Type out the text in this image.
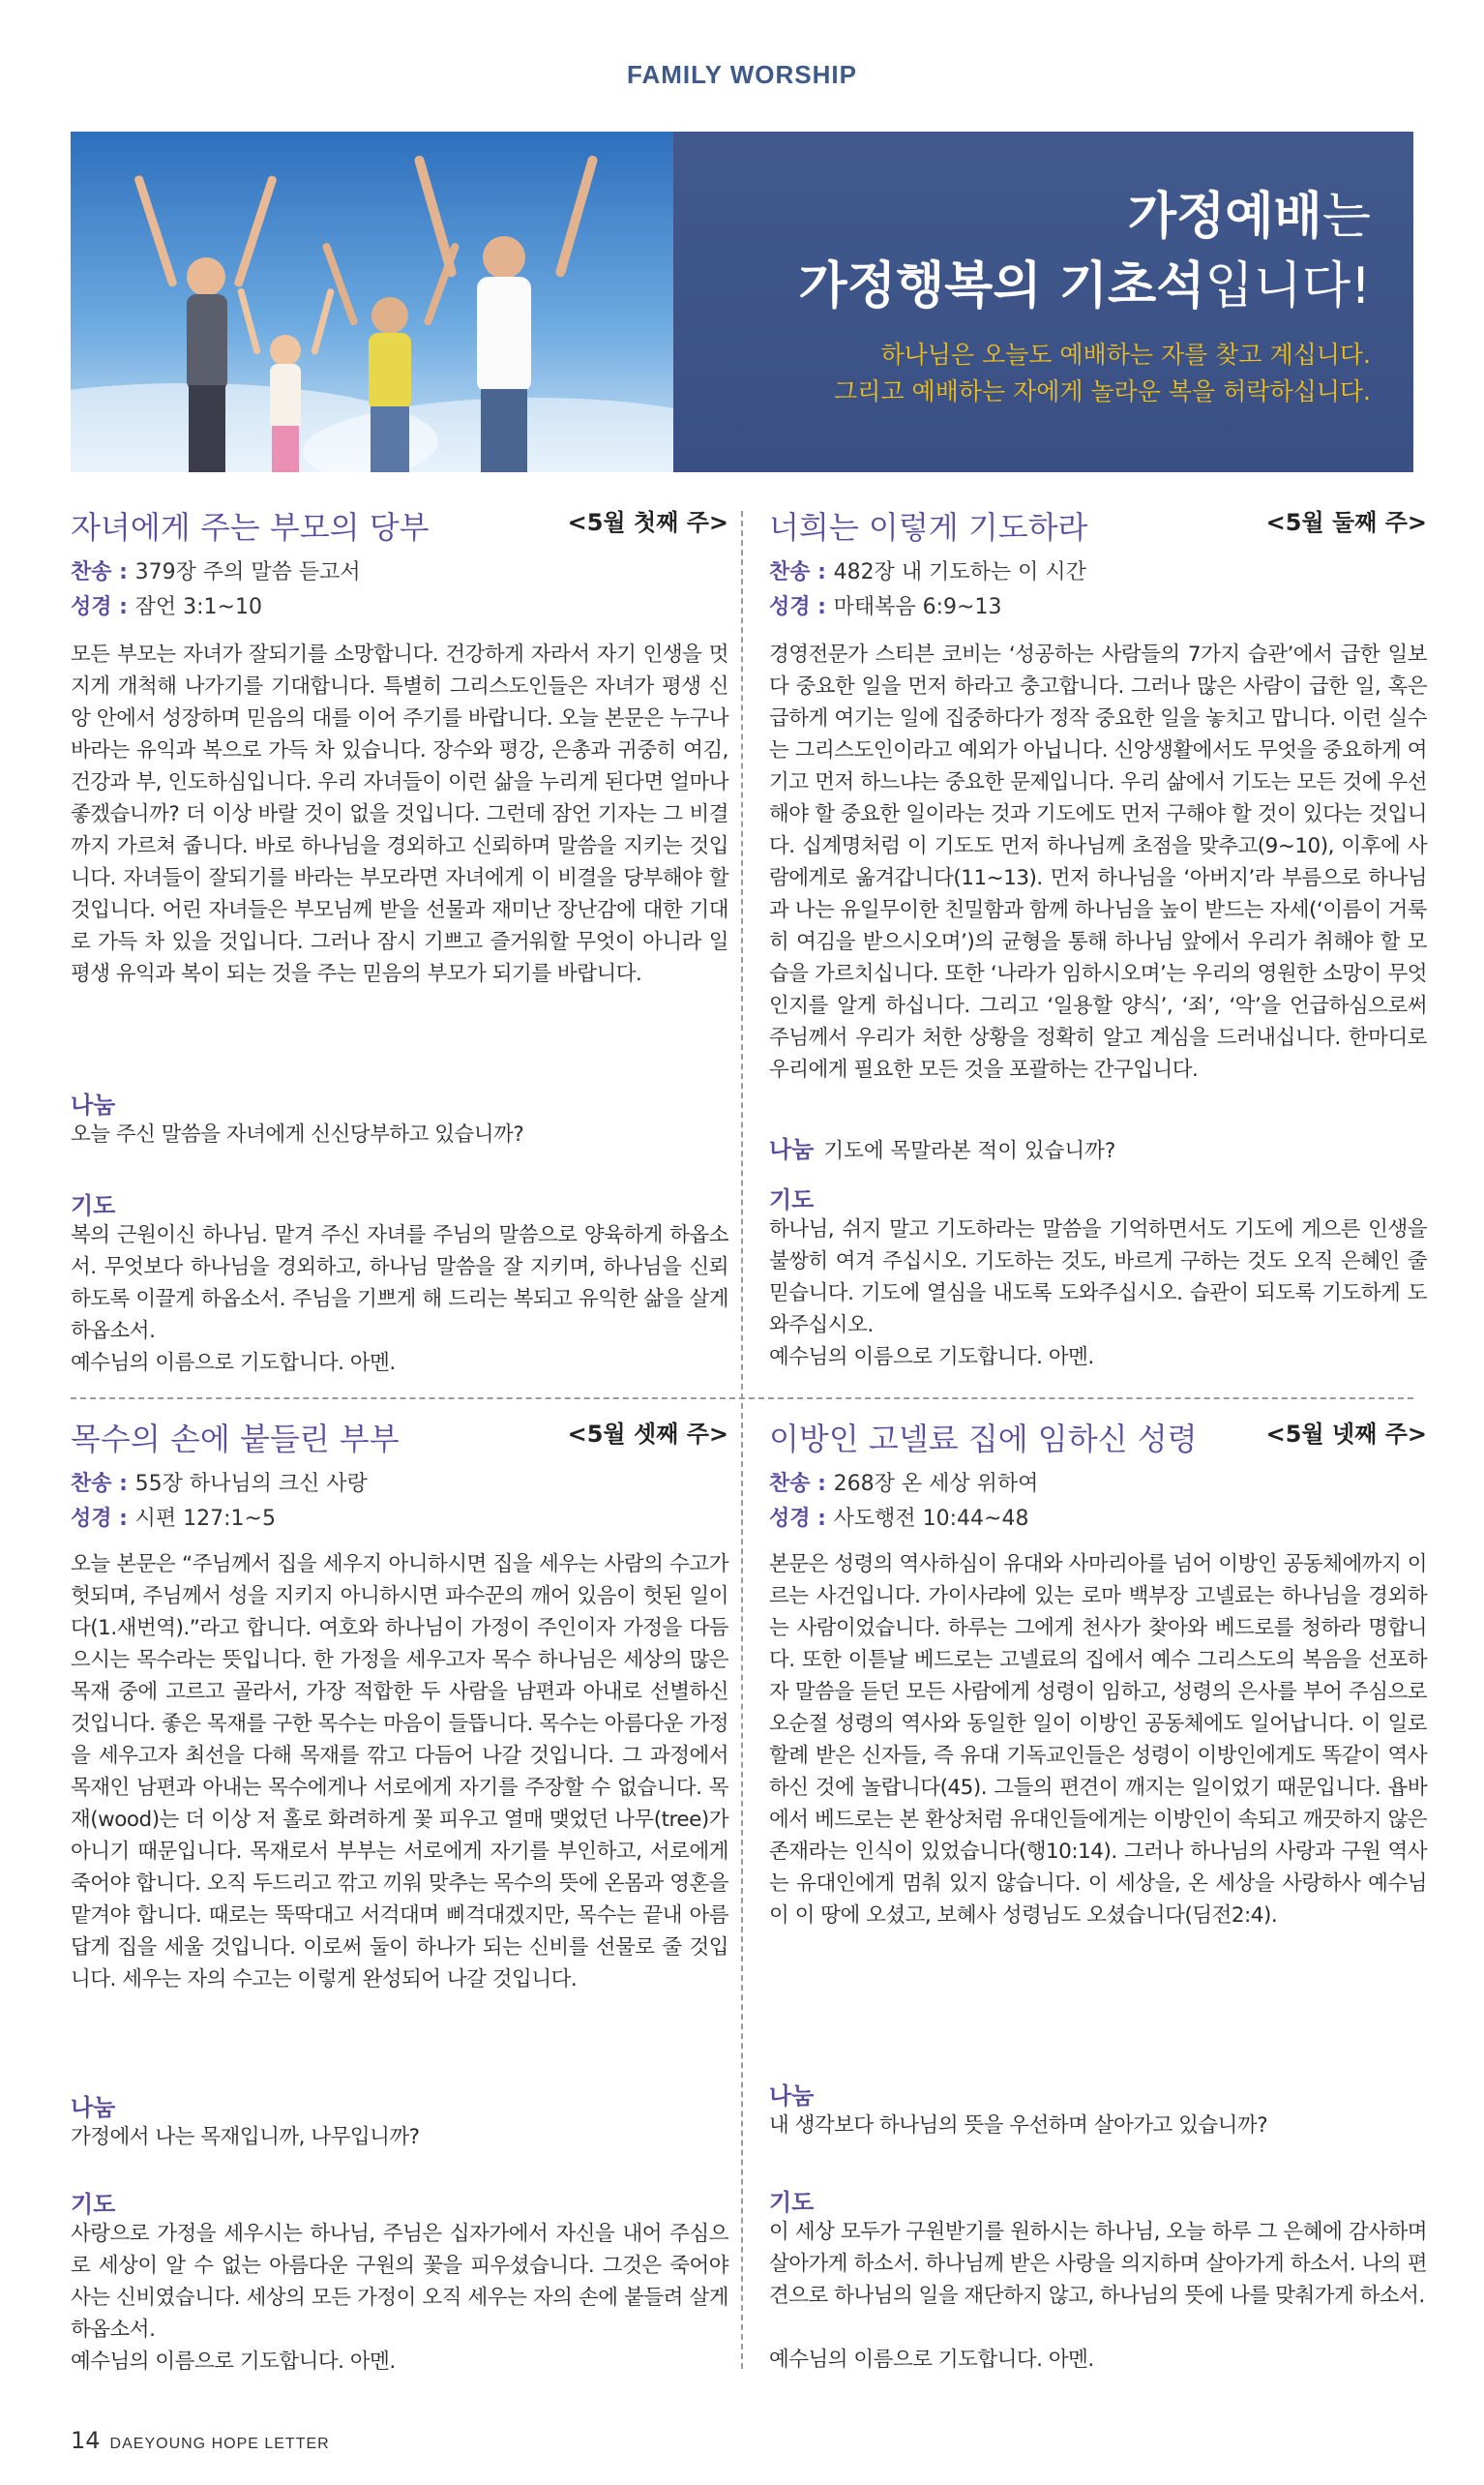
FAMILY WORSHIP
가정예배는
가정행복의 기초석입니다!
하나님은 오늘도 예배하는 자를 찾고 계십니다.
그리고 예배하는 자에게 놀라운 복을 허락하십니다.
자녀에게 주는 부모의 당부	<5월 첫째 주>
찬송 : 379장 주의 말씀 듣고서
성경 : 잠언 3:1~10
모든 부모는 자녀가 잘되기를 소망합니다. 건강하게 자라서 자기 인생을 멋지게 개척해 나가기를 기대합니다. 특별히 그리스도인들은 자녀가 평생 신앙 안에서 성장하며 믿음의 대를 이어 주기를 바랍니다. 오늘 본문은 누구나 바라는 유익과 복으로 가득 차 있습니다. 장수와 평강, 은총과 귀중히 여김, 건강과 부, 인도하심입니다. 우리 자녀들이 이런 삶을 누리게 된다면 얼마나 좋겠습니까? 더 이상 바랄 것이 없을 것입니다. 그런데 잠언 기자는 그 비결까지 가르쳐 줍니다. 바로 하나님을 경외하고 신뢰하며 말씀을 지키는 것입니다. 자녀들이 잘되기를 바라는 부모라면 자녀에게 이 비결을 당부해야 할 것입니다. 어린 자녀들은 부모님께 받을 선물과 재미난 장난감에 대한 기대로 가득 차 있을 것입니다. 그러나 잠시 기쁘고 즐거워할 무엇이 아니라 일평생 유익과 복이 되는 것을 주는 믿음의 부모가 되기를 바랍니다.
나눔
오늘 주신 말씀을 자녀에게 신신당부하고 있습니까?
기도
복의 근원이신 하나님. 맡겨 주신 자녀를 주님의 말씀으로 양육하게 하옵소서. 무엇보다 하나님을 경외하고, 하나님 말씀을 잘 지키며, 하나님을 신뢰하도록 이끌게 하옵소서. 주님을 기쁘게 해 드리는 복되고 유익한 삶을 살게 하옵소서.
예수님의 이름으로 기도합니다. 아멘.
너희는 이렇게 기도하라	<5월 둘째 주>
찬송 : 482장 내 기도하는 이 시간
성경 : 마태복음 6:9~13
경영전문가 스티븐 코비는 ‘성공하는 사람들의 7가지 습관’에서 급한 일보다 중요한 일을 먼저 하라고 충고합니다. 그러나 많은 사람이 급한 일, 혹은 급하게 여기는 일에 집중하다가 정작 중요한 일을 놓치고 맙니다. 이런 실수는 그리스도인이라고 예외가 아닙니다. 신앙생활에서도 무엇을 중요하게 여기고 먼저 하느냐는 중요한 문제입니다. 우리 삶에서 기도는 모든 것에 우선해야 할 중요한 일이라는 것과 기도에도 먼저 구해야 할 것이 있다는 것입니다. 십계명처럼 이 기도도 먼저 하나님께 초점을 맞추고(9~10), 이후에 사람에게로 옮겨갑니다(11~13). 먼저 하나님을 ‘아버지’라 부름으로 하나님과 나는 유일무이한 친밀함과 함께 하나님을 높이 받드는 자세(‘이름이 거룩히 여김을 받으시오며’)의 균형을 통해 하나님 앞에서 우리가 취해야 할 모습을 가르치십니다. 또한 ‘나라가 임하시오며’는 우리의 영원한 소망이 무엇인지를 알게 하십니다. 그리고 ‘일용할 양식’, ‘죄’, ‘악’을 언급하심으로써 주님께서 우리가 처한 상황을 정확히 알고 계심을 드러내십니다. 한마디로 우리에게 필요한 모든 것을 포괄하는 간구입니다.
나눔 기도에 목말라본 적이 있습니까?
기도
하나님, 쉬지 말고 기도하라는 말씀을 기억하면서도 기도에 게으른 인생을 불쌍히 여겨 주십시오. 기도하는 것도, 바르게 구하는 것도 오직 은혜인 줄 믿습니다. 기도에 열심을 내도록 도와주십시오. 습관이 되도록 기도하게 도와주십시오.
예수님의 이름으로 기도합니다. 아멘.
목수의 손에 붙들린 부부	<5월 셋째 주>
찬송 : 55장 하나님의 크신 사랑
성경 : 시편 127:1~5
오늘 본문은 “주님께서 집을 세우지 아니하시면 집을 세우는 사람의 수고가 헛되며, 주님께서 성을 지키지 아니하시면 파수꾼의 깨어 있음이 헛된 일이다(1.새번역).”라고 합니다. 여호와 하나님이 가정이 주인이자 가정을 다듬으시는 목수라는 뜻입니다. 한 가정을 세우고자 목수 하나님은 세상의 많은 목재 중에 고르고 골라서, 가장 적합한 두 사람을 남편과 아내로 선별하신 것입니다. 좋은 목재를 구한 목수는 마음이 들뜹니다. 목수는 아름다운 가정을 세우고자 최선을 다해 목재를 깎고 다듬어 나갈 것입니다. 그 과정에서 목재인 남편과 아내는 목수에게나 서로에게 자기를 주장할 수 없습니다. 목재(wood)는 더 이상 저 홀로 화려하게 꽃 피우고 열매 맺었던 나무(tree)가 아니기 때문입니다. 목재로서 부부는 서로에게 자기를 부인하고, 서로에게 죽어야 합니다. 오직 두드리고 깎고 끼워 맞추는 목수의 뜻에 온몸과 영혼을 맡겨야 합니다. 때로는 뚝딱대고 서걱대며 삐걱대겠지만, 목수는 끝내 아름답게 집을 세울 것입니다. 이로써 둘이 하나가 되는 신비를 선물로 줄 것입니다. 세우는 자의 수고는 이렇게 완성되어 나갈 것입니다.
나눔
가정에서 나는 목재입니까, 나무입니까?
기도
사랑으로 가정을 세우시는 하나님, 주님은 십자가에서 자신을 내어 주심으로 세상이 알 수 없는 아름다운 구원의 꽃을 피우셨습니다. 그것은 죽어야 사는 신비였습니다. 세상의 모든 가정이 오직 세우는 자의 손에 붙들려 살게 하옵소서.
예수님의 이름으로 기도합니다. 아멘.
이방인 고넬료 집에 임하신 성령	<5월 넷째 주>
찬송 : 268장 온 세상 위하여
성경 : 사도행전 10:44~48
본문은 성령의 역사하심이 유대와 사마리아를 넘어 이방인 공동체에까지 이르는 사건입니다. 가이사랴에 있는 로마 백부장 고넬료는 하나님을 경외하는 사람이었습니다. 하루는 그에게 천사가 찾아와 베드로를 청하라 명합니다. 또한 이튿날 베드로는 고넬료의 집에서 예수 그리스도의 복음을 선포하자 말씀을 듣던 모든 사람에게 성령이 임하고, 성령의 은사를 부어 주심으로 오순절 성령의 역사와 동일한 일이 이방인 공동체에도 일어납니다. 이 일로 할례 받은 신자들, 즉 유대 기독교인들은 성령이 이방인에게도 똑같이 역사하신 것에 놀랍니다(45). 그들의 편견이 깨지는 일이었기 때문입니다. 욥바에서 베드로는 본 환상처럼 유대인들에게는 이방인이 속되고 깨끗하지 않은 존재라는 인식이 있었습니다(행10:14). 그러나 하나님의 사랑과 구원 역사는 유대인에게 멈춰 있지 않습니다. 이 세상을, 온 세상을 사랑하사 예수님이 이 땅에 오셨고, 보혜사 성령님도 오셨습니다(딤전2:4).
나눔
내 생각보다 하나님의 뜻을 우선하며 살아가고 있습니까?
기도
이 세상 모두가 구원받기를 원하시는 하나님, 오늘 하루 그 은혜에 감사하며 살아가게 하소서. 하나님께 받은 사랑을 의지하며 살아가게 하소서. 나의 편견으로 하나님의 일을 재단하지 않고, 하나님의 뜻에 나를 맞춰가게 하소서.
예수님의 이름으로 기도합니다. 아멘.
14 DAEYOUNG HOPE LETTER
